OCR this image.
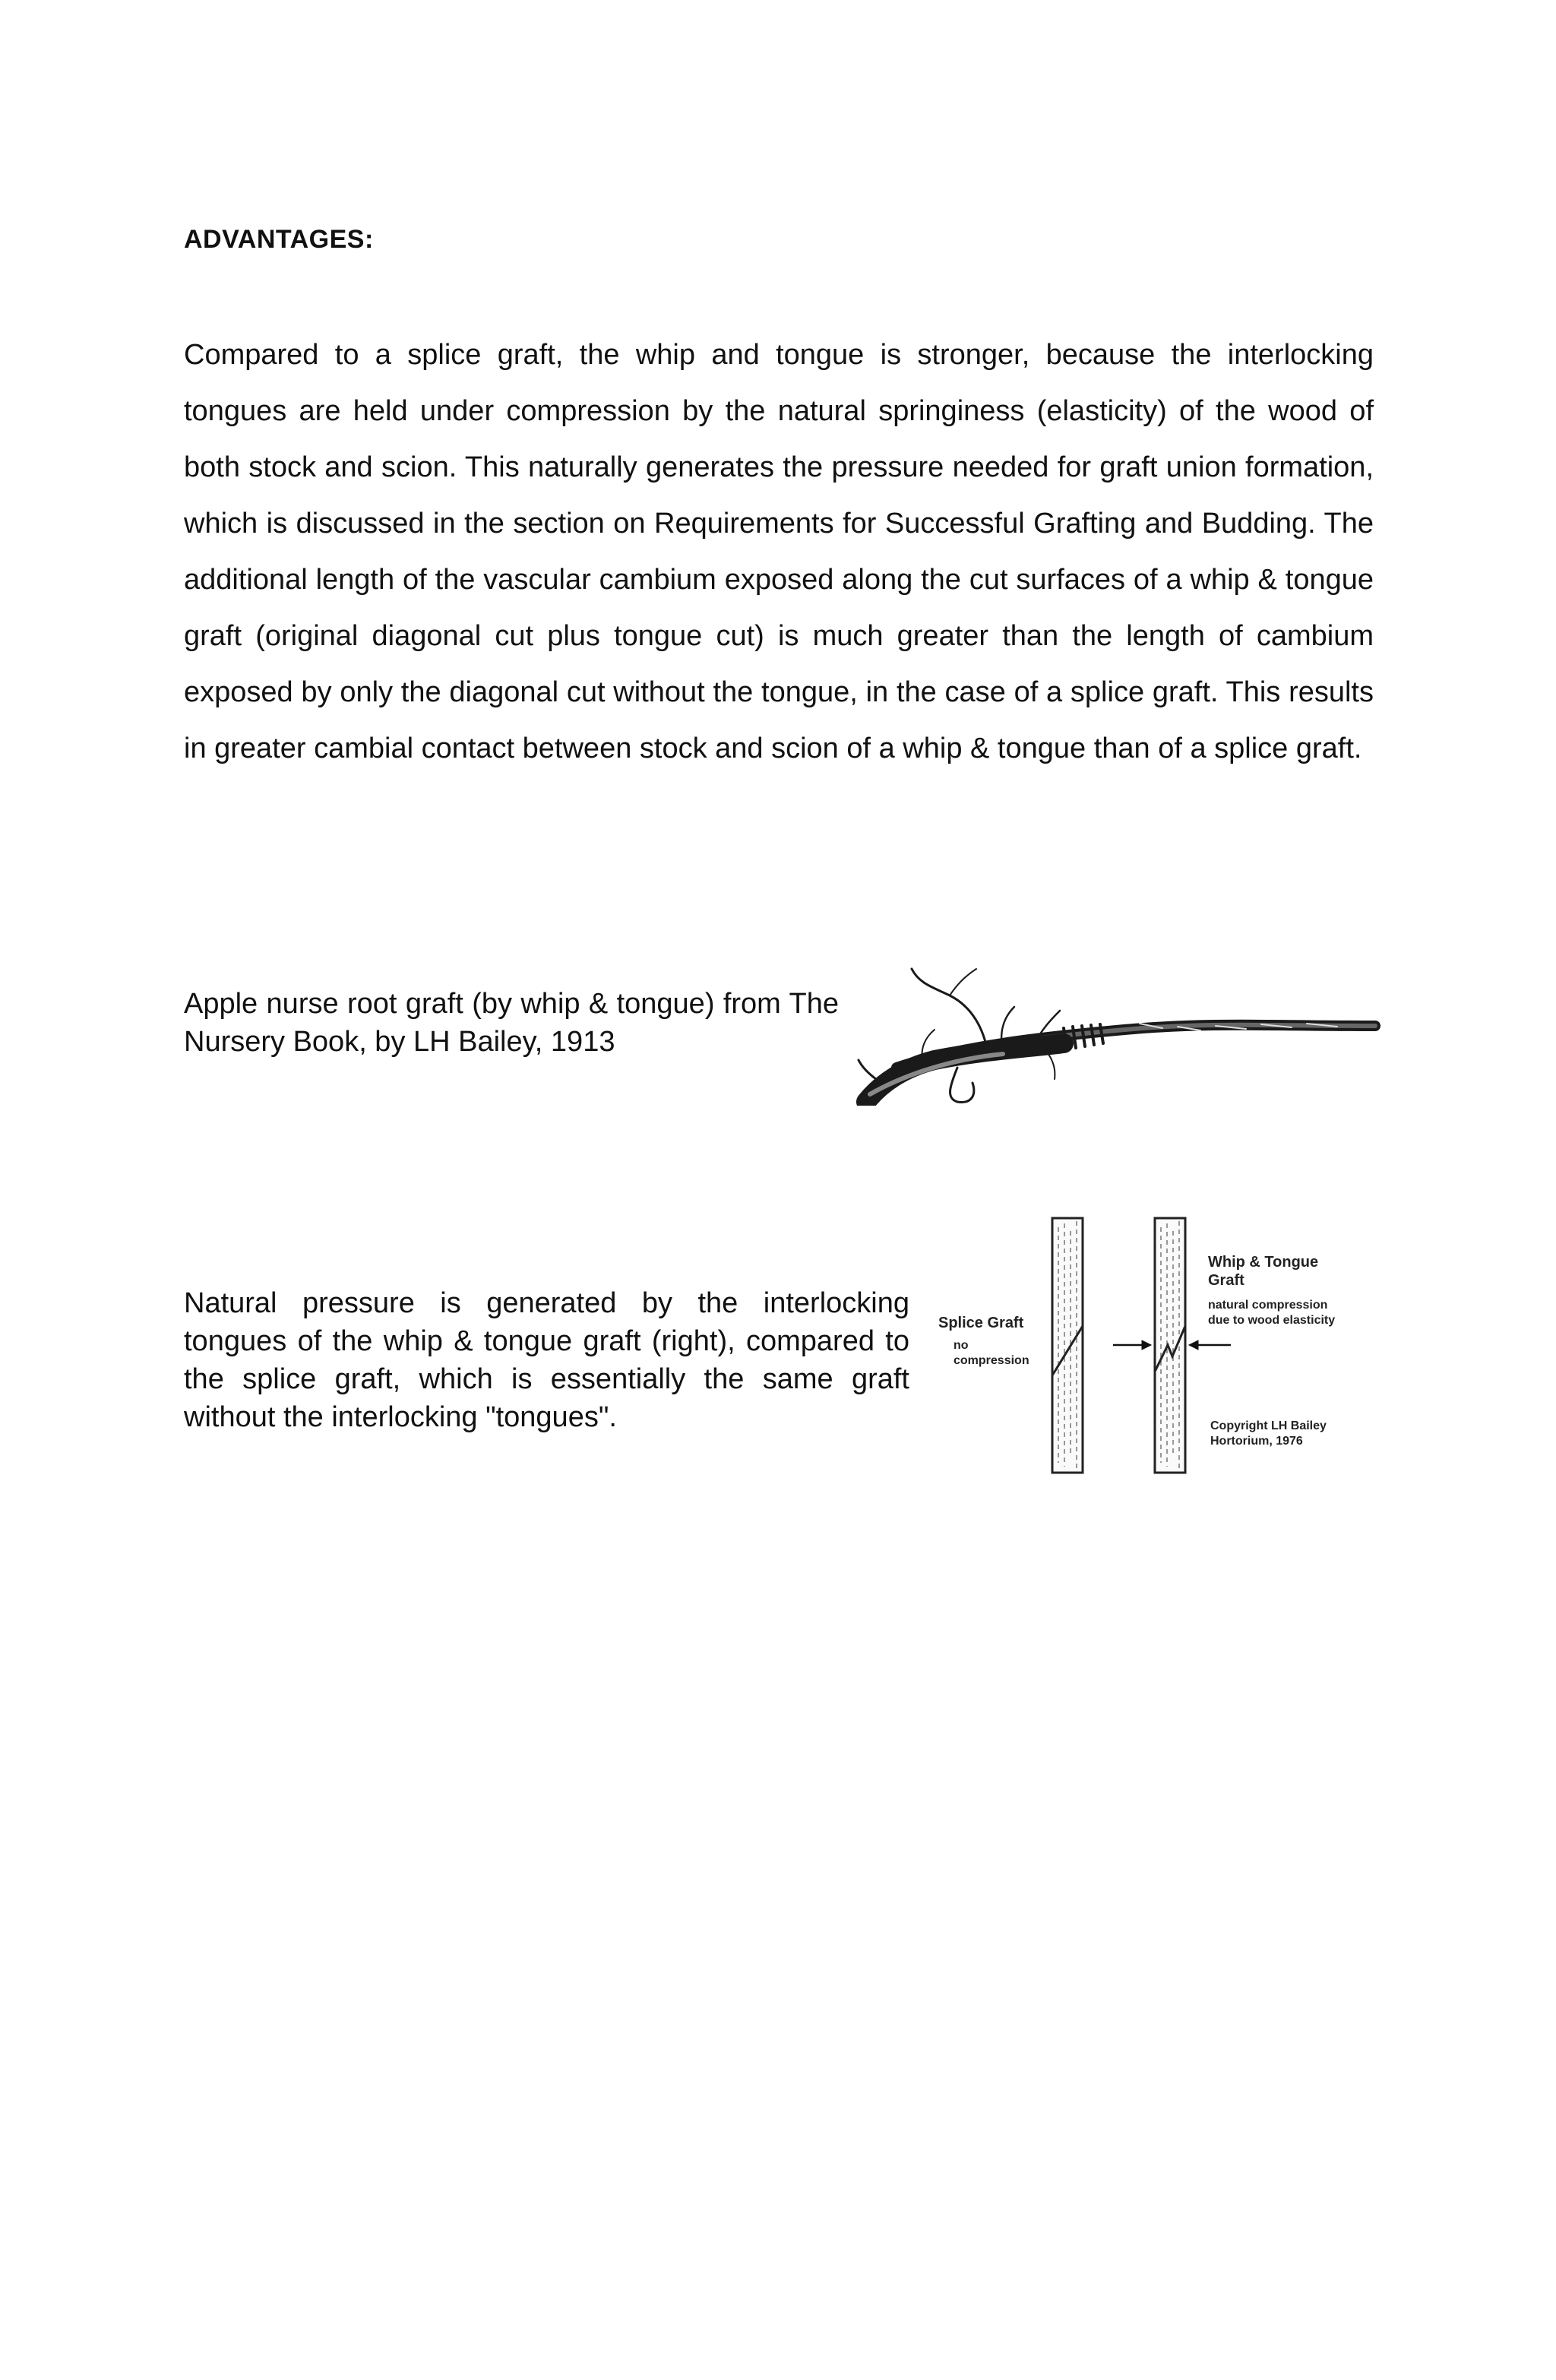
ADVANTAGES:

Compared to a splice graft, the whip and tongue is stronger, because the interlocking tongues are held under compression by the natural springiness (elasticity) of the wood of both stock and scion. This naturally generates the pressure needed for graft union formation, which is discussed in the section on Requirements for Successful Grafting and Budding. The additional length of the vascular cambium exposed along the cut surfaces of a whip & tongue graft (original diagonal cut plus tongue cut) is much greater than the length of cambium exposed by only the diagonal cut without the tongue, in the case of a splice graft. This results in greater cambial contact between stock and scion of a whip & tongue than of a splice graft.

Apple nurse root graft (by whip & tongue) from The Nursery Book, by LH Bailey, 1913

Natural pressure is generated by the interlocking tongues of the whip & tongue graft (right), compared to the splice graft, which is essentially the same graft without the interlocking "tongues".

Splice Graft
no
compression
Whip & Tongue
Graft
natural compression
due to wood elasticity
Copyright LH Bailey
Hortorium, 1976
